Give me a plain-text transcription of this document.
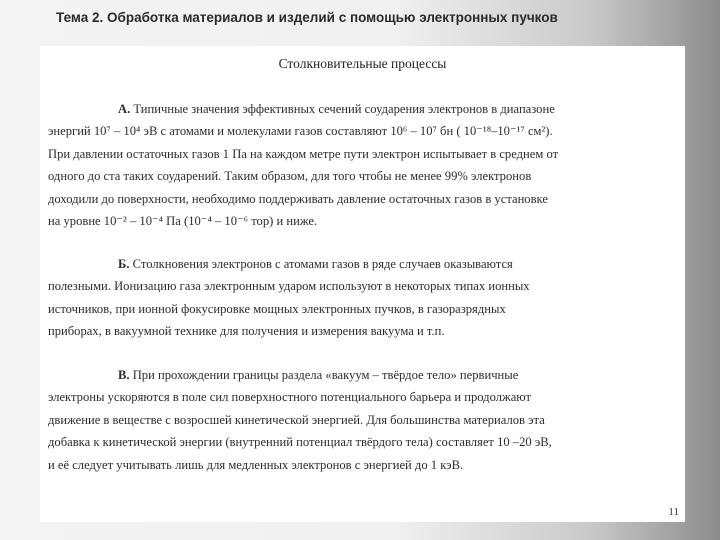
Тема 2. Обработка материалов и изделий с помощью электронных пучков
Столкновительные процессы
А. Типичные значения эффективных сечений соударения электронов в диапазоне
энергий 10⁷ – 10⁴ эВ с атомами и молекулами газов составляют 10⁶ – 10⁷ бн ( 10⁻¹⁸–10⁻¹⁷ см²).
При давлении остаточных газов 1 Па на каждом метре пути электрон испытывает в среднем от
одного до ста таких соударений. Таким образом, для того чтобы не менее 99% электронов
доходили до поверхности, необходимо поддерживать давление остаточных газов в установке
на уровне 10⁻² – 10⁻⁴ Па (10⁻⁴ – 10⁻⁶ тор) и ниже.
Б. Столкновения электронов с атомами газов в ряде случаев оказываются
полезными. Ионизацию газа электронным ударом используют в некоторых типах ионных
источников, при ионной фокусировке мощных электронных пучков, в газоразрядных
приборах, в вакуумной технике для получения и измерения вакуума и т.п.
В. При прохождении границы раздела «вакуум – твёрдое тело» первичные
электроны ускоряются в поле сил поверхностного потенциального барьера и продолжают
движение в веществе с возросшей кинетической энергией. Для большинства материалов эта
добавка к кинетической энергии (внутренний потенциал твёрдого тела) составляет 10 –20 эВ,
и её следует учитывать лишь для медленных электронов с энергией до 1 кэВ.
11
